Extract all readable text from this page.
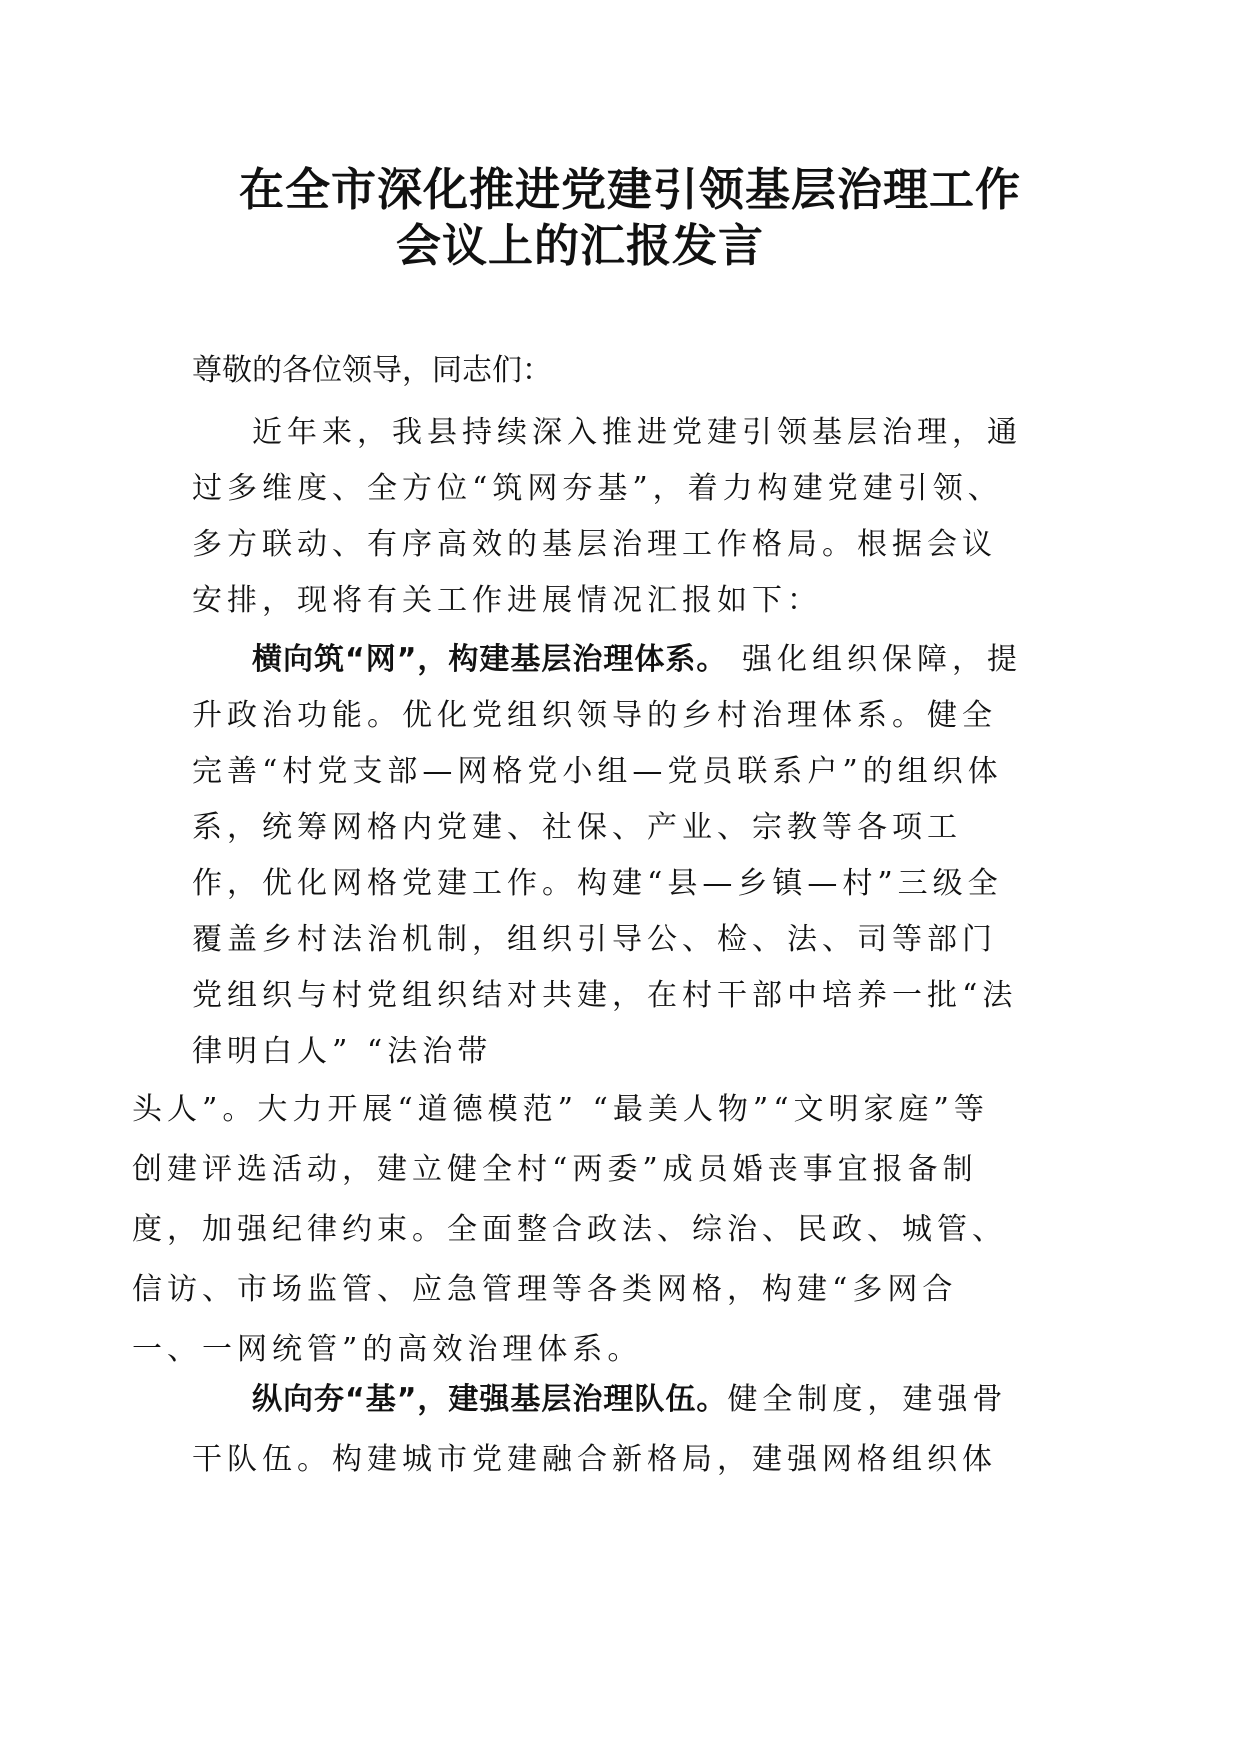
在全市深化推进党建引领基层治理工作
会议上的汇报发言

尊敬的各位领导，同志们：

近年来，我县持续深入推进党建引领基层治理，通过多维度、全方位“筑网夯基”，着力构建党建引领、多方联动、有序高效的基层治理工作格局。根据会议安排，现将有关工作进展情况汇报如下：

横向筑“网”，构建基层治理体系。 强化组织保障，提升政治功能。优化党组织领导的乡村治理体系。健全完善“村党支部—网格党小组—党员联系户”的组织体系，统筹网格内党建、社保、产业、宗教等各项工作，优化网格党建工作。构建“县—乡镇—村”三级全覆盖乡村法治机制，组织引导公、检、法、司等部门党组织与村党组织结对共建，在村干部中培养一批“法律明白人” “法治带
头人”。大力开展“道德模范” “最美人物”“文明家庭”等创建评选活动，建立健全村“两委”成员婚丧事宜报备制度，加强纪律约束。全面整合政法、综治、民政、城管、信访、市场监管、应急管理等各类网格，构建“多网合一、一网统管”的高效治理体系。

纵向夯“基”，建强基层治理队伍。健全制度，建强骨干队伍。构建城市党建融合新格局，建强网格组织体
